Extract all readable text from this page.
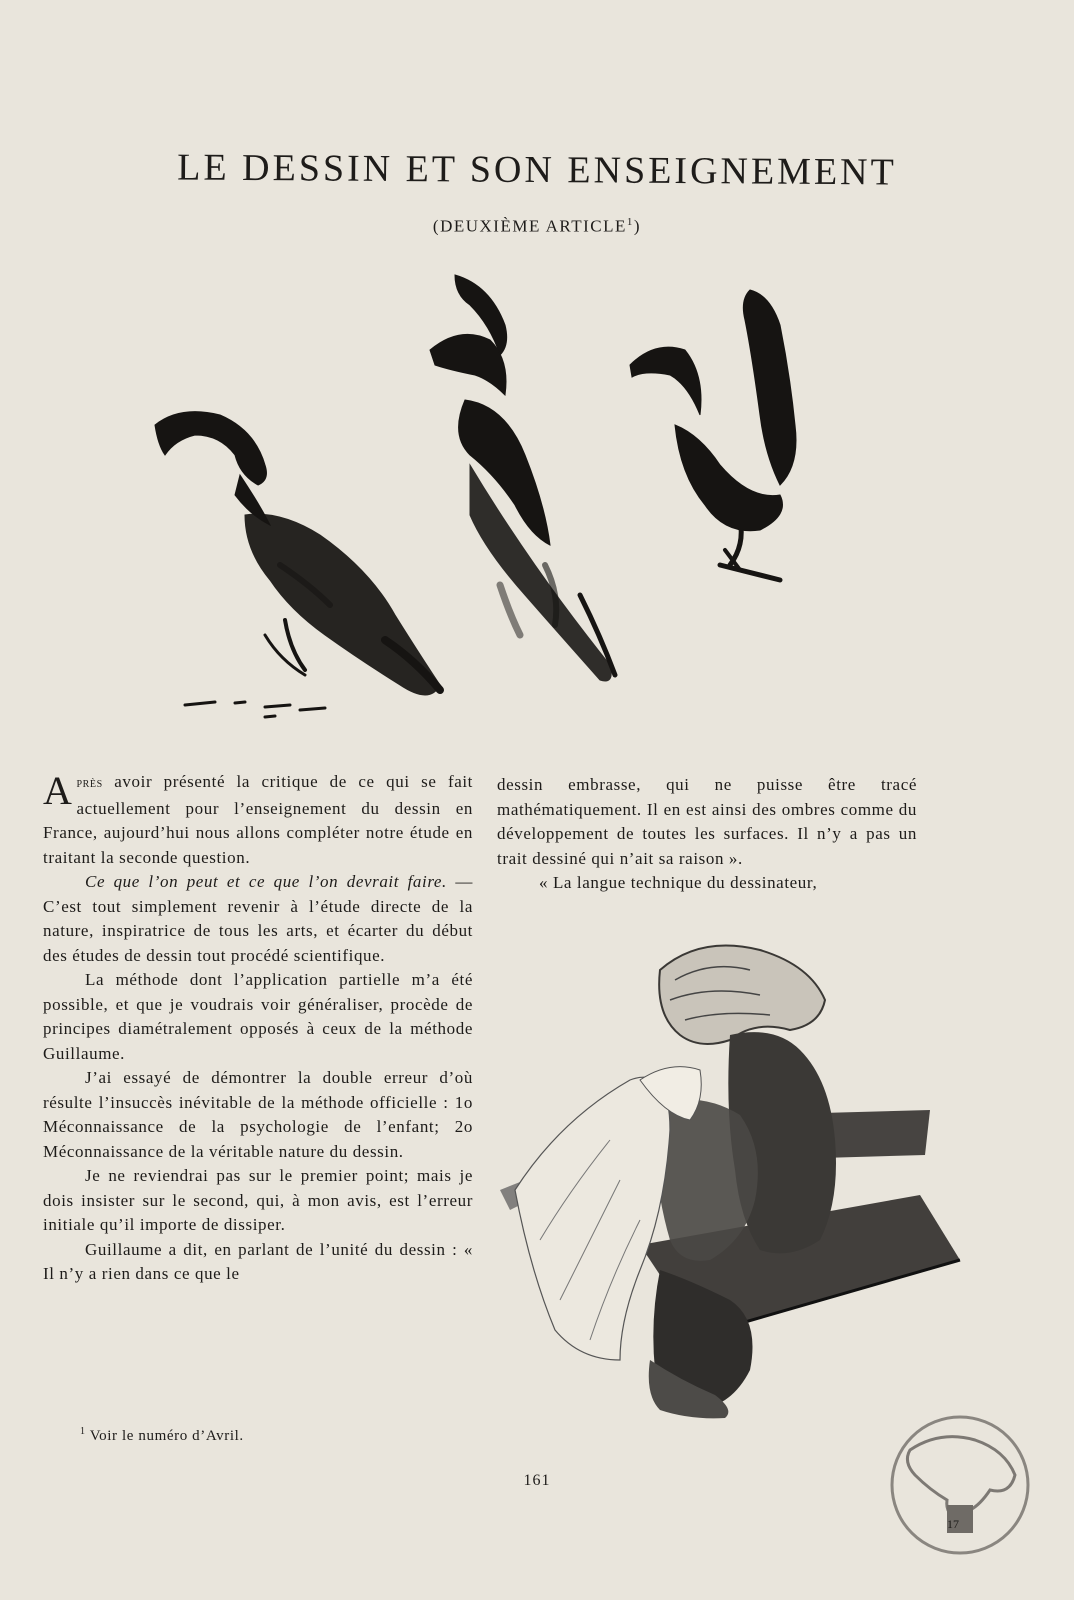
LE DESSIN ET SON ENSEIGNEMENT
(DEUXIÈME ARTICLE$^1$)

Après avoir présenté la critique de ce qui se fait actuellement pour l’enseignement du dessin en France, aujourd’hui nous allons compléter notre étude en traitant la seconde question.

Ce que l’on peut et ce que l’on devrait faire. — C’est tout simplement revenir à l’étude directe de la nature, inspiratrice de tous les arts, et écarter du début des études de dessin tout procédé scientifique.

La méthode dont l’application partielle m’a été possible, et que je voudrais voir généraliser, procède de principes diamétralement opposés à ceux de la méthode Guillaume.

J’ai essayé de démontrer la double erreur d’où résulte l’insuccès inévitable de la méthode officielle : 1o Méconnaissance de la psychologie de l’enfant; 2o Méconnaissance de la véritable nature du dessin.

Je ne reviendrai pas sur le premier point; mais je dois insister sur le second, qui, à mon avis, est l’erreur initiale qu’il importe de dissiper.

Guillaume a dit, en parlant de l’unité du dessin : « Il n’y a rien dans ce que le

dessin embrasse, qui ne puisse être tracé mathématiquement. Il en est ainsi des ombres comme du développement de toutes les surfaces. Il n’y a pas un trait dessiné qui n’ait sa raison ».

« La langue technique du dessinateur,

$^1$ Voir le numéro d’Avril.
161
17
